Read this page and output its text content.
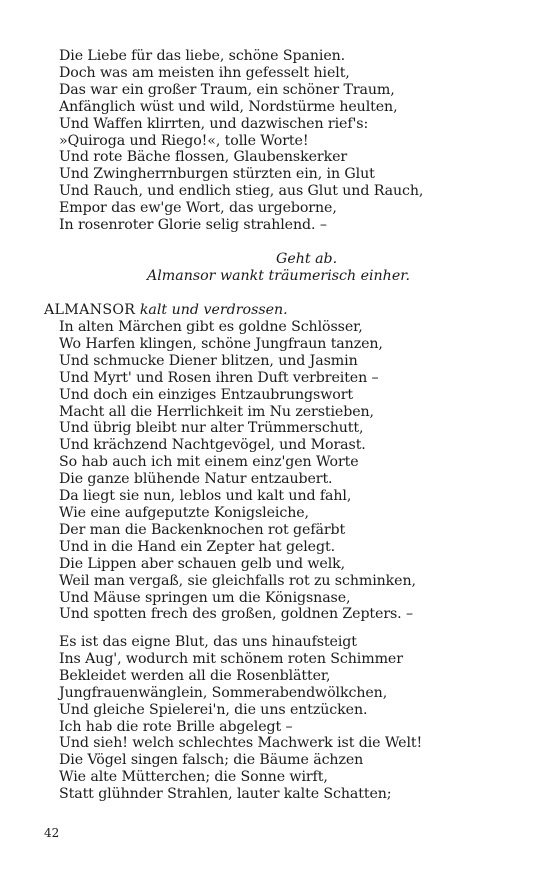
Die Liebe für das liebe, schöne Spanien.
Doch was am meisten ihn gefesselt hielt,
Das war ein großer Traum, ein schöner Traum,
Anfänglich wüst und wild, Nordstürme heulten,
Und Waffen klirrten, und dazwischen rief's:
»Quiroga und Riego!«, tolle Worte!
Und rote Bäche flossen, Glaubenskerker
Und Zwingherrnburgen stürzten ein, in Glut
Und Rauch, und endlich stieg, aus Glut und Rauch,
Empor das ew'ge Wort, das urgeborne,
In rosenroter Glorie selig strahlend. –
Geht ab.
Almansor wankt träumerisch einher.
ALMANSOR kalt und verdrossen.
In alten Märchen gibt es goldne Schlösser,
Wo Harfen klingen, schöne Jungfraun tanzen,
Und schmucke Diener blitzen, und Jasmin
Und Myrt' und Rosen ihren Duft verbreiten –
Und doch ein einziges Entzaubrungswort
Macht all die Herrlichkeit im Nu zerstieben,
Und übrig bleibt nur alter Trümmerschutt,
Und krächzend Nachtgevögel, und Morast.
So hab auch ich mit einem einz'gen Worte
Die ganze blühende Natur entzaubert.
Da liegt sie nun, leblos und kalt und fahl,
Wie eine aufgeputzte Konigsleiche,
Der man die Backenknochen rot gefärbt
Und in die Hand ein Zepter hat gelegt.
Die Lippen aber schauen gelb und welk,
Weil man vergaß, sie gleichfalls rot zu schminken,
Und Mäuse springen um die Königsnase,
Und spotten frech des großen, goldnen Zepters. –
Es ist das eigne Blut, das uns hinaufsteigt
Ins Aug', wodurch mit schönem roten Schimmer
Bekleidet werden all die Rosenblätter,
Jungfrauenwänglein, Sommerabendwölkchen,
Und gleiche Spielerei'n, die uns entzücken.
Ich hab die rote Brille abgelegt –
Und sieh! welch schlechtes Machwerk ist die Welt!
Die Vögel singen falsch; die Bäume ächzen
Wie alte Mütterchen; die Sonne wirft,
Statt glühnder Strahlen, lauter kalte Schatten;
42
